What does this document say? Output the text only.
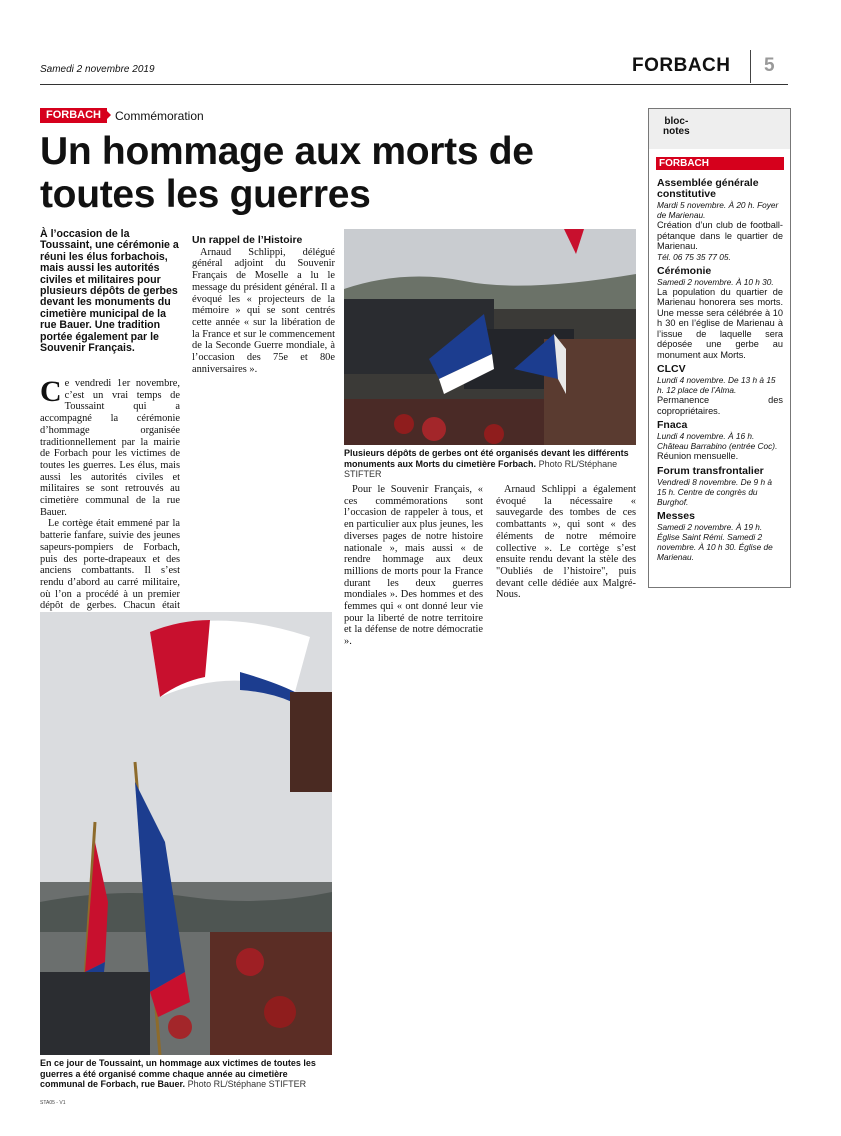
Samedi 2 novembre 2019	FORBACH 5
FORBACH	Commémoration
Un hommage aux morts de toutes les guerres
À l’occasion de la Toussaint, une cérémonie a réuni les élus forbachois, mais aussi les autorités civiles et militaires pour plusieurs dépôts de gerbes devant les monuments du cimetière municipal de la rue Bauer. Une tradition portée également par le Souvenir Français.

Ce vendredi 1er novembre, c’est un vrai temps de Toussaint qui a accompagné la cérémonie d’hommage organisée traditionnellement par la mairie de Forbach pour les victimes de toutes les guerres. Les élus, mais aussi les autorités civiles et militaires se sont retrouvés au cimetière communal de la rue Bauer.

Le cortège était emmené par la batterie fanfare, suivie des jeunes sapeurs-pompiers de Forbach, puis des porte-drapeaux et des anciens combattants. Il s’est rendu d’abord au carré militaire, où l’on a procédé à un premier dépôt de gerbes. Chacun était

Un rappel de l’Histoire

Arnaud Schlippi, délégué général adjoint du Souvenir Français de Moselle a lu le message du président général. Il a évoqué les « projecteurs de la mémoire » qui se sont centrés cette année « sur la libération de la France et sur le commencement de la Seconde Guerre mondiale, à l’occasion des 75e et 80e anniversaires ».

Pour le Souvenir Français, « ces commémorations sont l’occasion de rappeler à tous, et en particulier aux plus jeunes, les diverses pages de notre histoire nationale », mais aussi « de rendre hommage aux deux millions de morts pour la France durant les deux guerres mondiales ». Des hommes et des femmes qui « ont donné leur vie pour la liberté de notre territoire et la défense de notre démocratie ».

Arnaud Schlippi a également évoqué la nécessaire « sauvegarde des tombes de ces combattants », qui sont « des éléments de notre mémoire collective ». Le cortège s’est ensuite rendu devant la stèle des "Oubliés de l’histoire", puis devant celle dédiée aux Malgré-Nous.

Plusieurs dépôts de gerbes ont été organisés devant les différents monuments aux Morts du cimetière Forbach. Photo RL/Stéphane STIFTER
En ce jour de Toussaint, un hommage aux victimes de toutes les guerres a été organisé comme chaque année au cimetière communal de Forbach, rue Bauer. Photo RL/Stéphane STIFTER
bloc-
notes
FORBACH
Assemblée générale constitutive
Mardi 5 novembre. À 20 h. Foyer de Marienau.
Création d’un club de football-pétanque dans le quartier de Marienau.
Tél. 06 75 35 77 05.
Cérémonie
Samedi 2 novembre. À 10 h 30.
La population du quartier de Marienau honorera ses morts. Une messe sera célébrée à 10 h 30 en l’église de Marienau à l’issue de laquelle sera déposée une gerbe au monument aux Morts.
CLCV
Lundi 4 novembre. De 13 h à 15 h. 12 place de l’Alma.
Permanence des copropriétaires.
Fnaca
Lundi 4 novembre. À 16 h. Château Barrabino (entrée Coc).
Réunion mensuelle.
Forum transfrontalier
Vendredi 8 novembre. De 9 h à 15 h. Centre de congrès du Burghof.
Messes
Samedi 2 novembre. À 19 h. Église Saint Rémi. Samedi 2 novembre. À 10 h 30. Église de Marienau.
STA05 - V1
